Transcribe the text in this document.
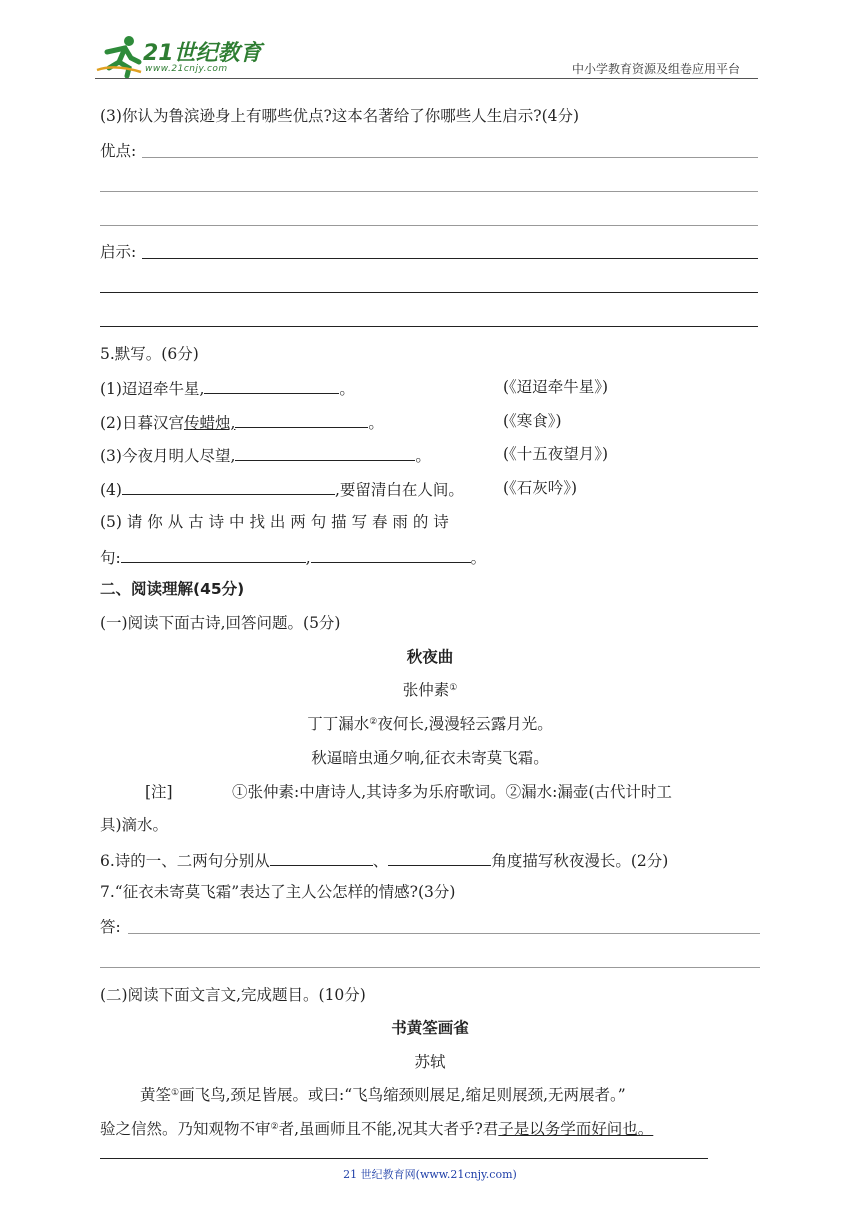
21世纪教育
www.21cnjy.com	中小学教育资源及组卷应用平台
(3)你认为鲁滨逊身上有哪些优点?这本名著给了你哪些人生启示?(4分)
优点:
启示:
5.默写。(6分)
(1)迢迢牵牛星,	。	(《迢迢牵牛星》)
(2)日暮汉宫传蜡烛,	。	(《寒食》)
(3)今夜月明人尽望,	。	(《十五夜望月》)
(4)	,要留清白在人间。	(《石灰吟》)
(5) 请 你 从 古 诗 中 找 出 两 句 描 写 春 雨 的 诗
句:	,	。
二、阅读理解(45分)
(一)阅读下面古诗,回答问题。(5分)
秋夜曲
张仲素①
丁丁漏水②夜何长,漫漫轻云露月光。
秋逼暗虫通夕响,征衣未寄莫飞霜。
[注]	①张仲素:中唐诗人,其诗多为乐府歌词。②漏水:漏壶(古代计时工
具)滴水。
6.诗的一、二两句分别从	、	角度描写秋夜漫长。(2分)
7.“征衣未寄莫飞霜”表达了主人公怎样的情感?(3分)
答:
(二)阅读下面文言文,完成题目。(10分)
书黄筌画雀
苏轼
黄筌①画飞鸟,颈足皆展。或曰:“飞鸟缩颈则展足,缩足则展颈,无两展者。”
验之信然。乃知观物不审②者,虽画师且不能,况其大者乎?君子是以务学而好问也。
21 世纪教育网(www.21cnjy.com)
